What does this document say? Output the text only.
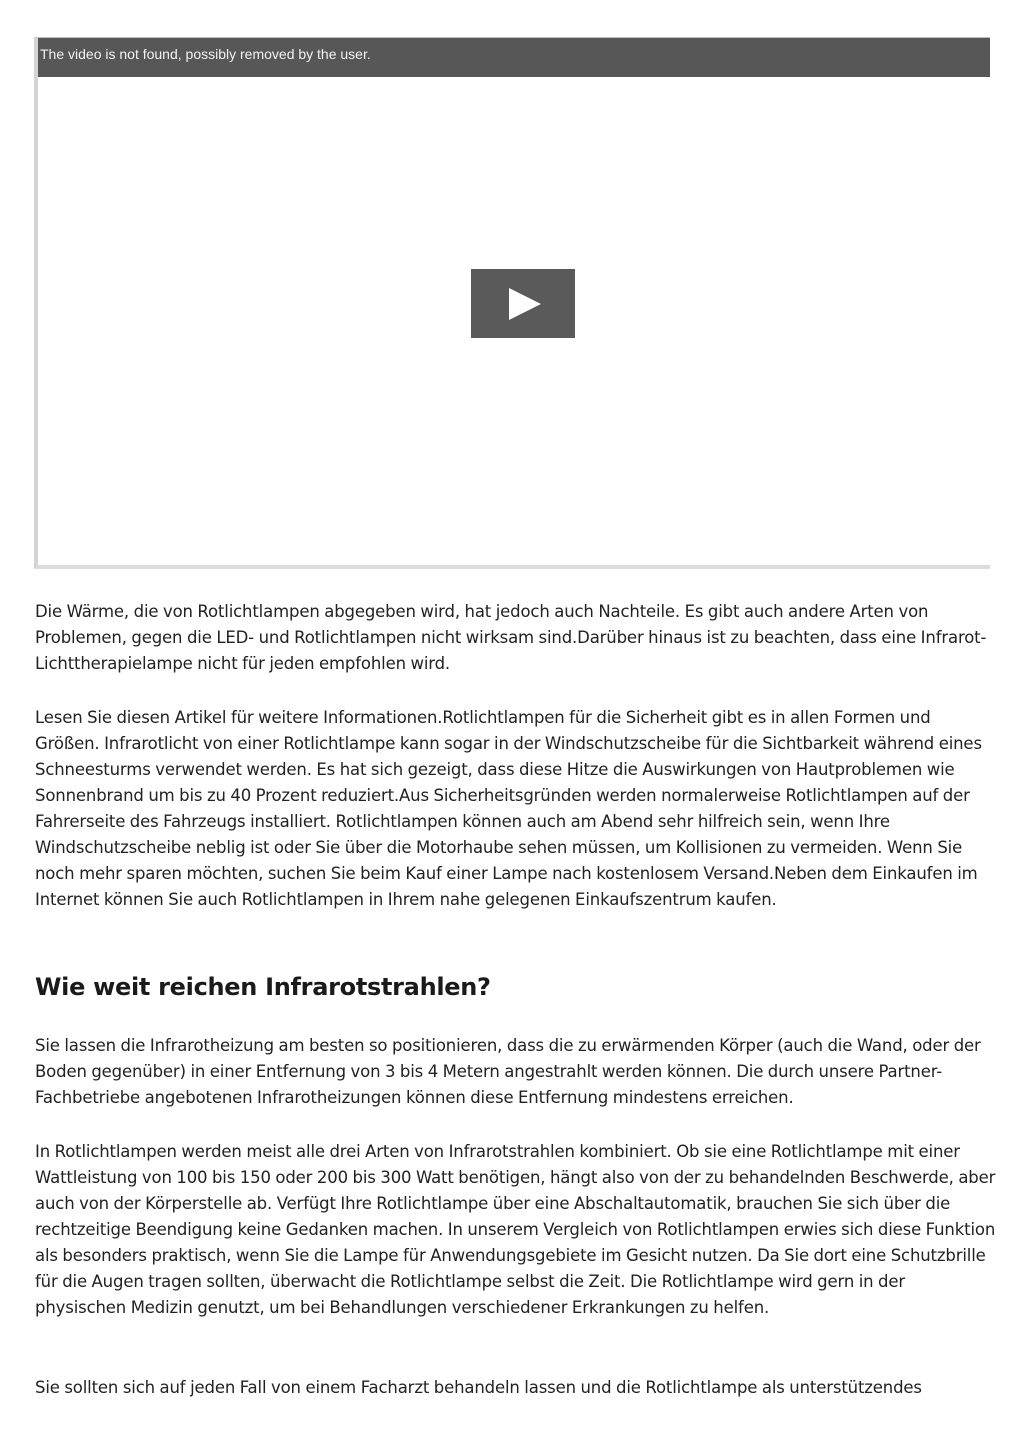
The video is not found, possibly removed by the user.

Die Wärme, die von Rotlichtlampen abgegeben wird, hat jedoch auch Nachteile. Es gibt auch andere Arten von Problemen, gegen die LED- und Rotlichtlampen nicht wirksam sind.Darüber hinaus ist zu beachten, dass eine Infrarot-Lichttherapielampe nicht für jeden empfohlen wird.

Lesen Sie diesen Artikel für weitere Informationen.Rotlichtlampen für die Sicherheit gibt es in allen Formen und Größen. Infrarotlicht von einer Rotlichtlampe kann sogar in der Windschutzscheibe für die Sichtbarkeit während eines Schneesturms verwendet werden. Es hat sich gezeigt, dass diese Hitze die Auswirkungen von Hautproblemen wie Sonnenbrand um bis zu 40 Prozent reduziert.Aus Sicherheitsgründen werden normalerweise Rotlichtlampen auf der Fahrerseite des Fahrzeugs installiert. Rotlichtlampen können auch am Abend sehr hilfreich sein, wenn Ihre Windschutzscheibe neblig ist oder Sie über die Motorhaube sehen müssen, um Kollisionen zu vermeiden. Wenn Sie noch mehr sparen möchten, suchen Sie beim Kauf einer Lampe nach kostenlosem Versand.Neben dem Einkaufen im Internet können Sie auch Rotlichtlampen in Ihrem nahe gelegenen Einkaufszentrum kaufen.

Wie weit reichen Infrarotstrahlen?

Sie lassen die Infrarotheizung am besten so positionieren, dass die zu erwärmenden Körper (auch die Wand, oder der Boden gegenüber) in einer Entfernung von 3 bis 4 Metern angestrahlt werden können. Die durch unsere Partner-Fachbetriebe angebotenen Infrarotheizungen können diese Entfernung mindestens erreichen.

In Rotlichtlampen werden meist alle drei Arten von Infrarotstrahlen kombiniert. Ob sie eine Rotlichtlampe mit einer Wattleistung von 100 bis 150 oder 200 bis 300 Watt benötigen, hängt also von der zu behandelnden Beschwerde, aber auch von der Körperstelle ab. Verfügt Ihre Rotlichtlampe über eine Abschaltautomatik, brauchen Sie sich über die rechtzeitige Beendigung keine Gedanken machen. In unserem Vergleich von Rotlichtlampen erwies sich diese Funktion als besonders praktisch, wenn Sie die Lampe für Anwendungsgebiete im Gesicht nutzen. Da Sie dort eine Schutzbrille für die Augen tragen sollten, überwacht die Rotlichtlampe selbst die Zeit. Die Rotlichtlampe wird gern in der physischen Medizin genutzt, um bei Behandlungen verschiedener Erkrankungen zu helfen.

Sie sollten sich auf jeden Fall von einem Facharzt behandeln lassen und die Rotlichtlampe als unterstützendes
